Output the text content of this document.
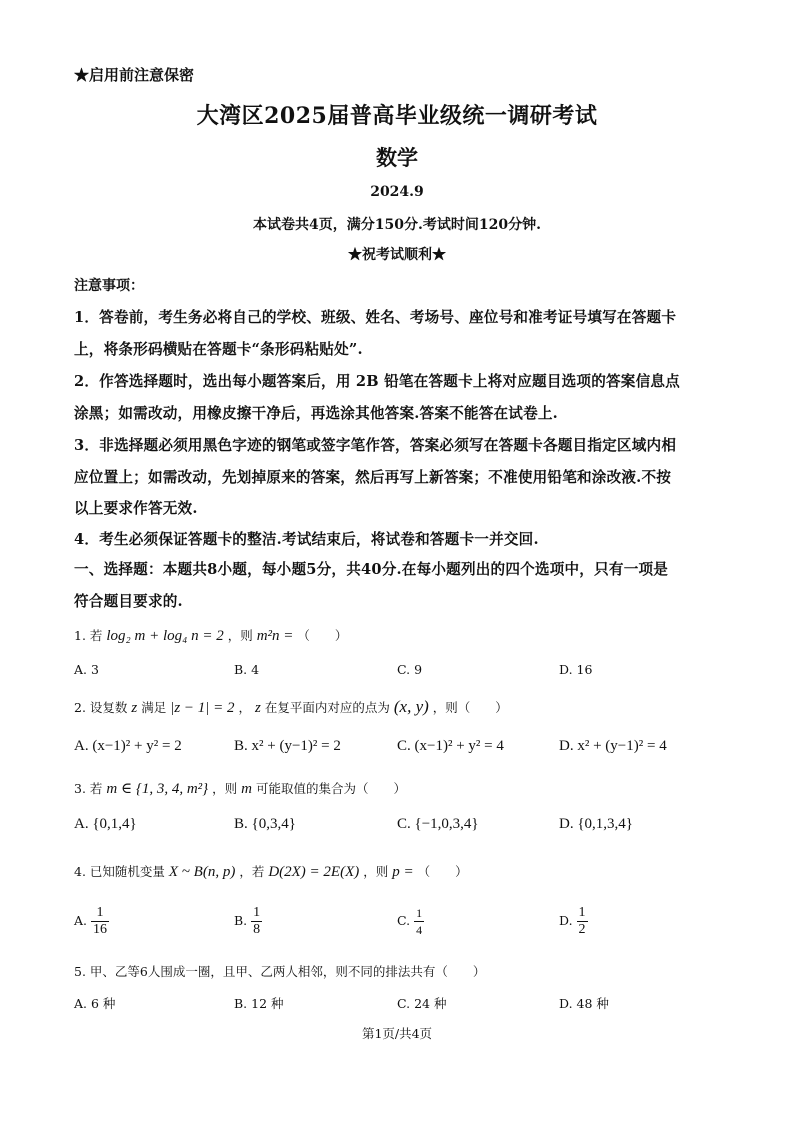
★启用前注意保密
大湾区2025届普高毕业级统一调研考试
数学
2024.9
本试卷共4页，满分150分.考试时间120分钟.
★祝考试顺利★
注意事项：
1．答卷前，考生务必将自己的学校、班级、姓名、考场号、座位号和准考证号填写在答题卡
上，将条形码横贴在答题卡“条形码粘贴处”.
2．作答选择题时，选出每小题答案后，用 2B 铅笔在答题卡上将对应题目选项的答案信息点
涂黑；如需改动，用橡皮擦干净后，再选涂其他答案.答案不能答在试卷上.
3．非选择题必须用黑色字迹的钢笔或签字笔作答，答案必须写在答题卡各题目指定区域内相
应位置上；如需改动，先划掉原来的答案，然后再写上新答案；不准使用铅笔和涂改液.不按
以上要求作答无效.
4．考生必须保证答题卡的整洁.考试结束后，将试卷和答题卡一并交回.
一、选择题：本题共8小题，每小题5分，共40分.在每小题列出的四个选项中，只有一项是
符合题目要求的.
1. 若 log₂ m + log₄ n = 2 ，则 m²n = （　　）
A. 3	B. 4	C. 9	D. 16
2. 设复数 z 满足 |z − 1| = 2 ， z 在复平面内对应的点为 (x, y) ，则（　　）
A. (x−1)² + y² = 2	B. x² + (y−1)² = 2	C. (x−1)² + y² = 4	D. x² + (y−1)² = 4
3. 若 m ∈ {1, 3, 4, m²} ，则 m 可能取值的集合为（　　）
A. {0,1,4}	B. {0,3,4}	C. {−1,0,3,4}	D. {0,1,3,4}
4. 已知随机变量 X ~ B(n, p) ，若 D(2X) = 2E(X) ，则 p = （　　）
A. $\frac{1}{16}$	B. $\frac{1}{8}$	C. $\frac{1}{4}$	D. $\frac{1}{2}$
5. 甲、乙等6人围成一圈，且甲、乙两人相邻，则不同的排法共有（　　）
A. 6 种	B. 12 种	C. 24 种	D. 48 种
第1页/共4页
